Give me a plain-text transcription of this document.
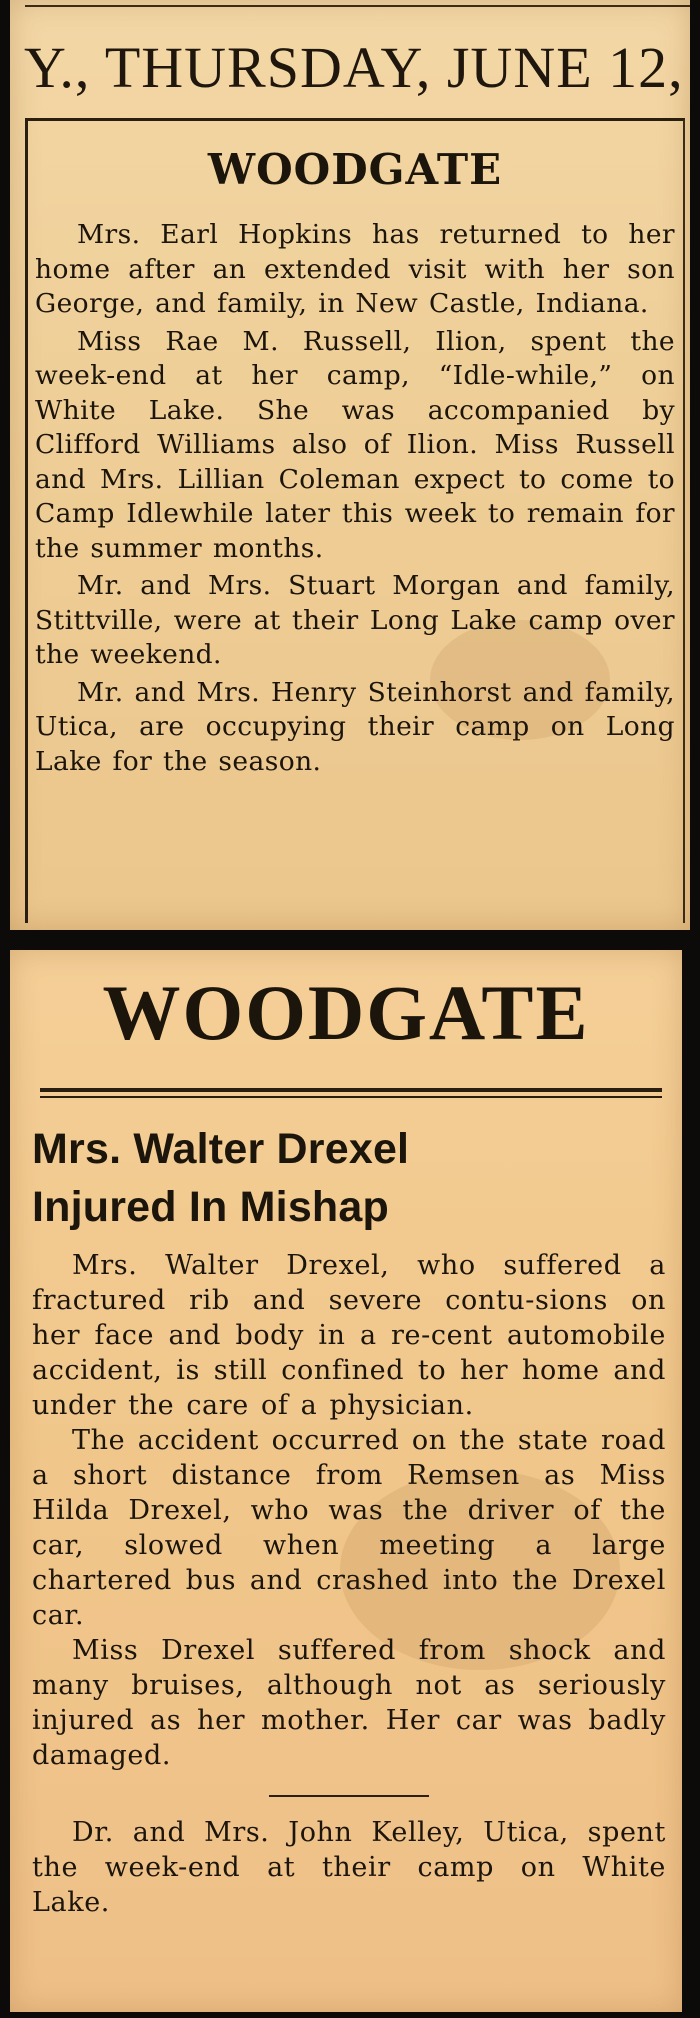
Y., THURSDAY, JUNE 12,
WOODGATE

Mrs. Earl Hopkins has returned to her home after an extended visit with her son George, and family, in New Castle, Indiana.

Miss Rae M. Russell, Ilion, spent the week-end at her camp, “Idle-while,” on White Lake. She was accompanied by Clifford Williams also of Ilion. Miss Russell and Mrs. Lillian Coleman expect to come to Camp Idlewhile later this week to remain for the summer months.

Mr. and Mrs. Stuart Morgan and family, Stittville, were at their Long Lake camp over the weekend.

Mr. and Mrs. Henry Steinhorst and family, Utica, are occupying their camp on Long Lake for the season.

WOODGATE
Mrs. Walter Drexel
Injured In Mishap

Mrs. Walter Drexel, who suffered a fractured rib and severe contu-sions on her face and body in a re-cent automobile accident, is still confined to her home and under the care of a physician.

The accident occurred on the state road a short distance from Remsen as Miss Hilda Drexel, who was the driver of the car, slowed when meeting a large chartered bus and crashed into the Drexel car.

Miss Drexel suffered from shock and many bruises, although not as seriously injured as her mother. Her car was badly damaged.

Dr. and Mrs. John Kelley, Utica, spent the week-end at their camp on White Lake.
